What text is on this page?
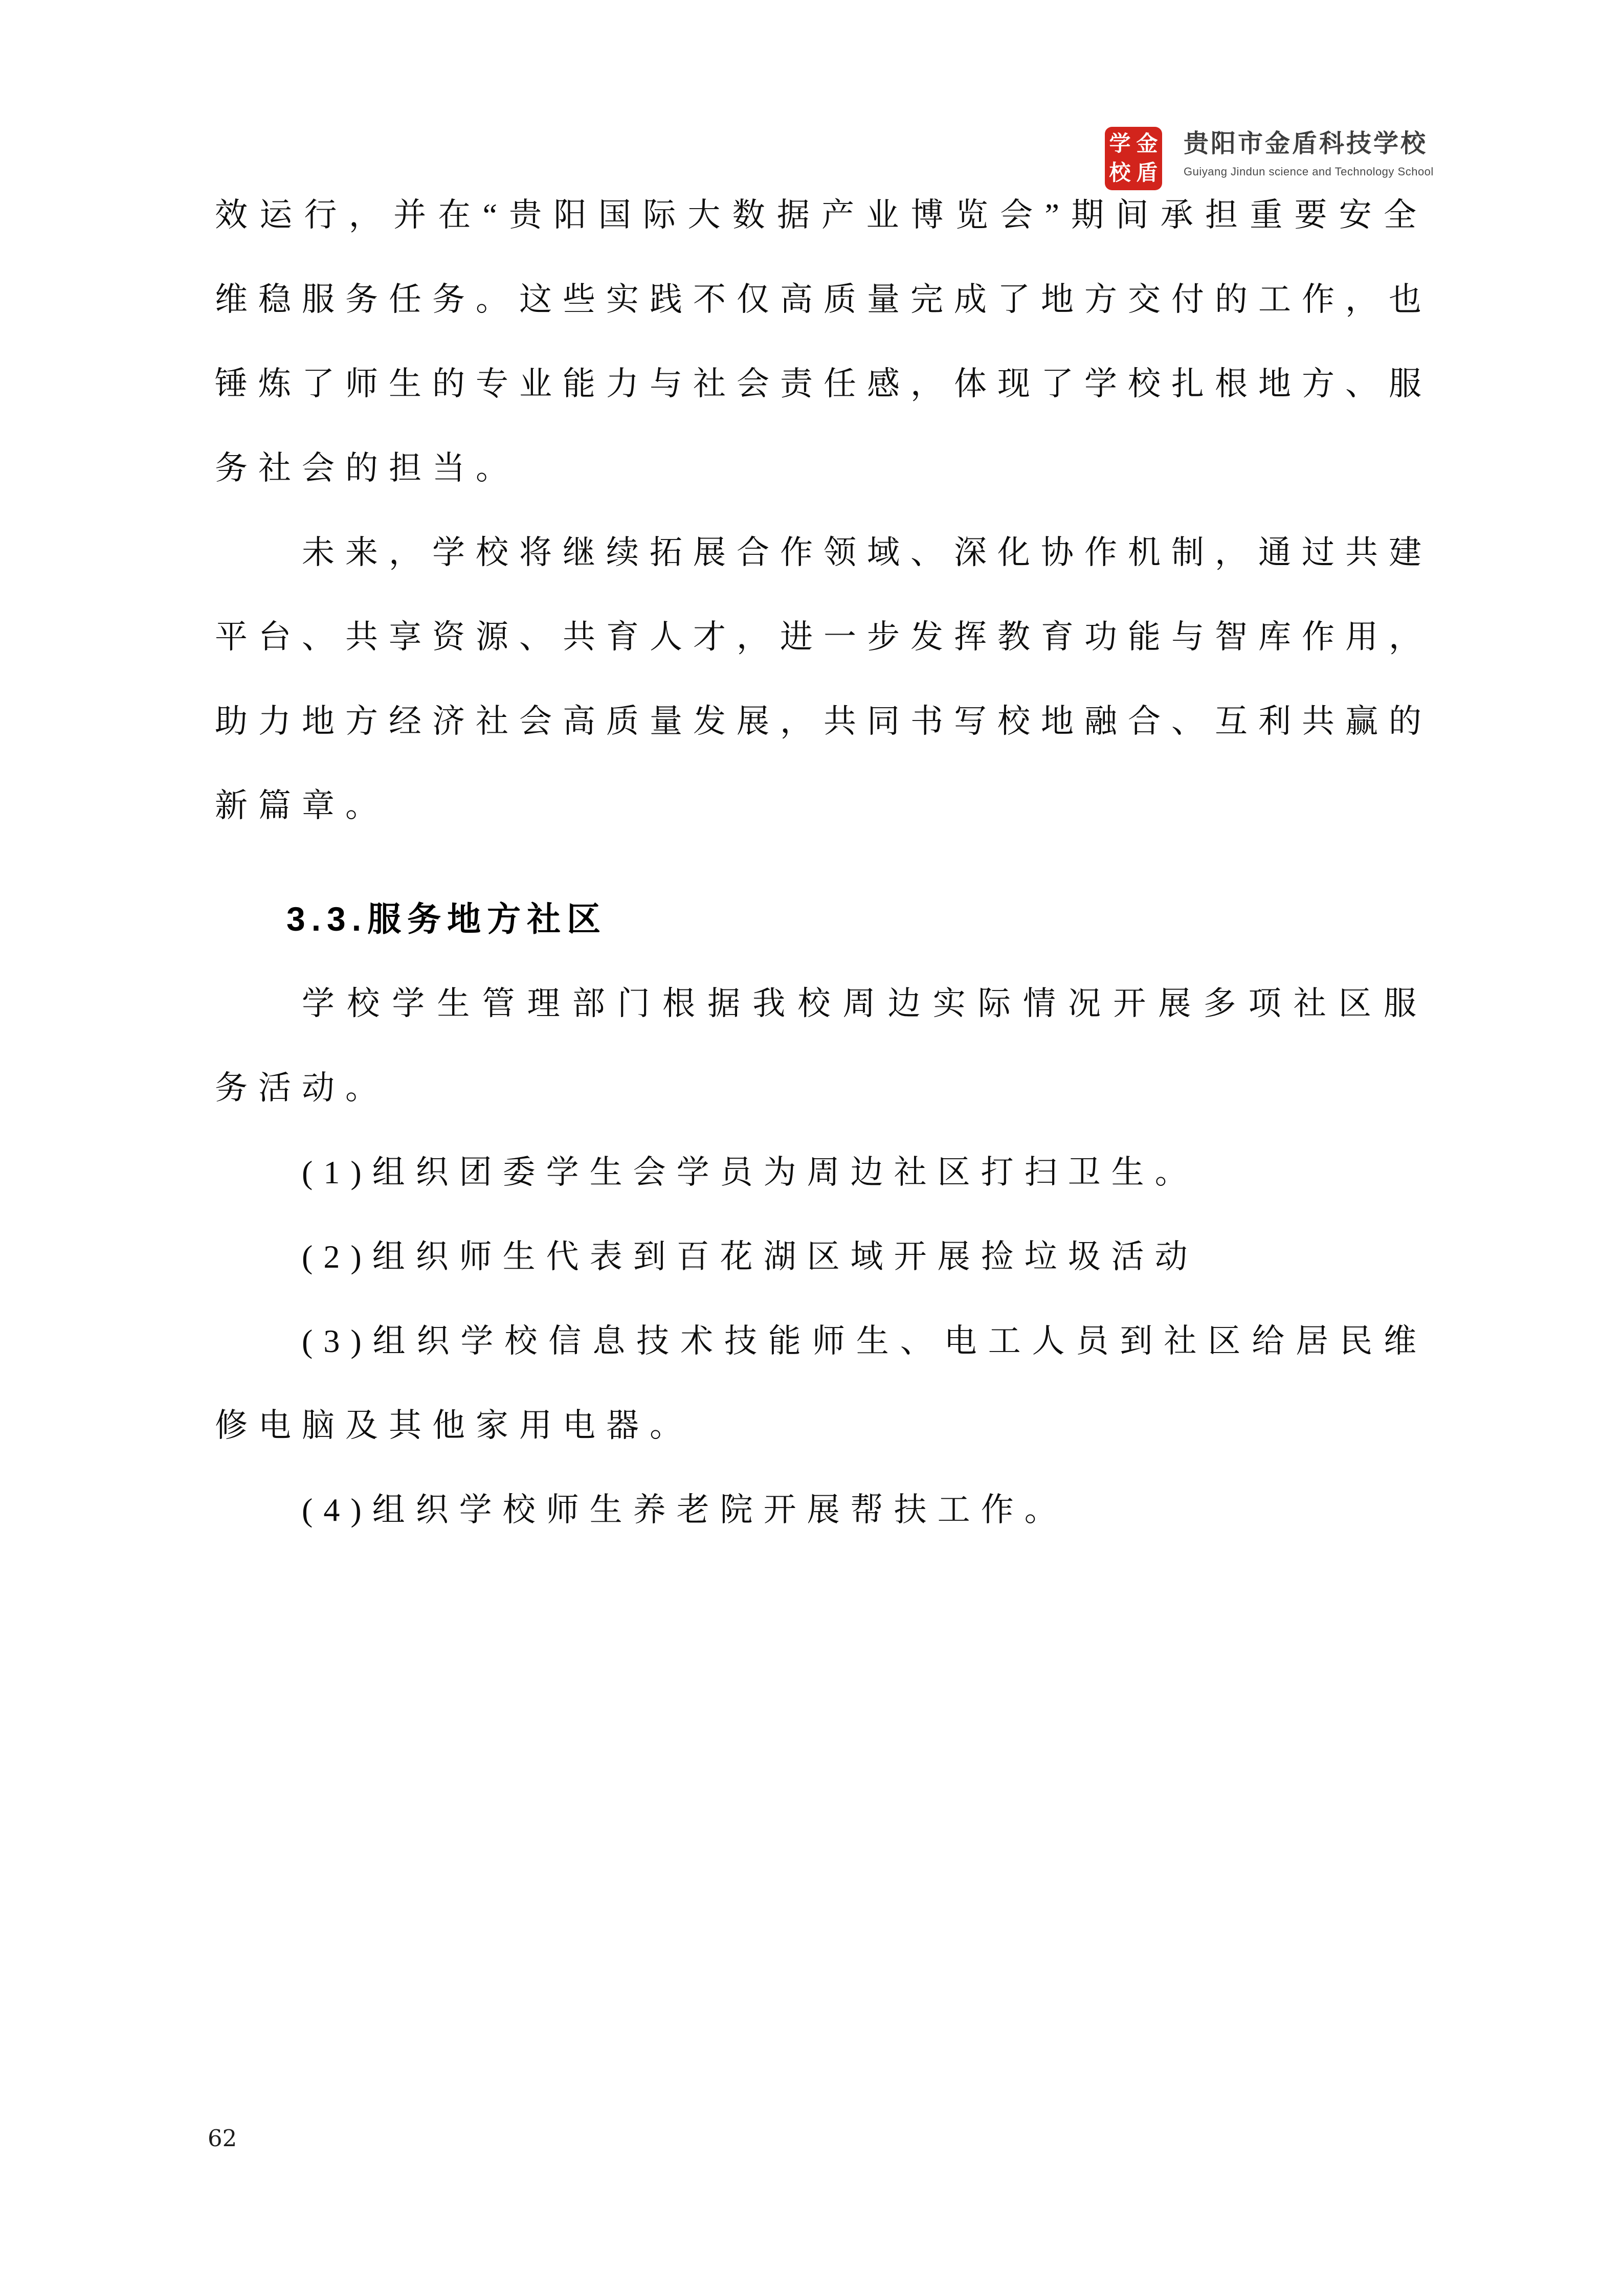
学 金
校 盾
贵阳市金盾科技学校
Guiyang Jindun science and Technology School
效运行，并在“贵阳国际大数据产业博览会”期间承担重要安全
维稳服务任务。这些实践不仅高质量完成了地方交付的工作，也
锤炼了师生的专业能力与社会责任感，体现了学校扎根地方、服
务社会的担当。
未来，学校将继续拓展合作领域、深化协作机制，通过共建
平台、共享资源、共育人才，进一步发挥教育功能与智库作用，
助力地方经济社会高质量发展，共同书写校地融合、互利共赢的
新篇章。
3.3.服务地方社区
学校学生管理部门根据我校周边实际情况开展多项社区服
务活动。
(1)组织团委学生会学员为周边社区打扫卫生。
(2)组织师生代表到百花湖区域开展捡垃圾活动
(3)组织学校信息技术技能师生、电工人员到社区给居民维
修电脑及其他家用电器。
(4)组织学校师生养老院开展帮扶工作。
62
